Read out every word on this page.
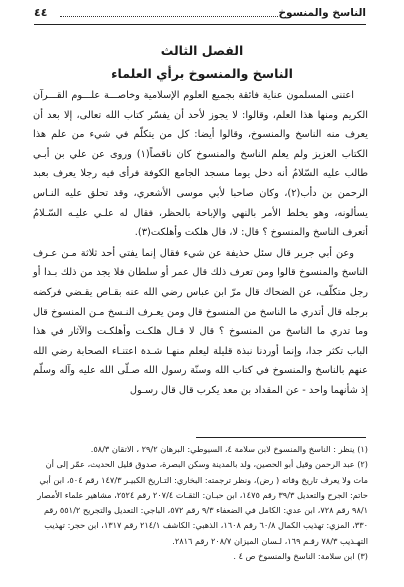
الناسخ والمنسوخ
٤٤
الفصل الثالث
الناسخ والمنسوخ برأي العلماء

اعتنى المسلمون عناية فائقة بجميع العلوم الإسلامية وخاصـــة علـــوم القـــرآن الكريم ومنها هذا العلم، وقالوا: لا يجوز لأحد أن يفسّر كتاب الله تعالى، إلا بعد أن يعرف منه الناسخ والمنسوخ، وقالوا أيضا: كل من يتكلّم في شيء من علم هذا الكتاب العزيز ولم يعلم الناسخ والمنسوخ كان ناقصاً(١) وروى عن علي بن أبـي طالب عليه السّلامُ أنه دخل يوما مسجد الجامع الكوفة فرأى فيه رجلا يعرف بعبد الرحمن بن دأب(٢)، وكان صاحبا لأبي موسى الأشعري، وقد تحلق عليه النـاس يسألونه، وهو يخلط الأمر بالنهي والإباحة بالحظر، فقال له علـي عليـه السّـلامُ أتعرف الناسخ والمنسوخ ؟ قال: لا، قال هلكت وأهلكت(٣).

وعن أبي جرير قال سئل حذيفة عن شيء فقال إنما يفتي أحد ثلاثة مـن عـرف الناسخ والمنسوخ قالوا ومن تعرف ذلك قال عمر أو سلطان فلا يجد من ذلك بـدا أو رجل متكلّف، عن الضحاك قال مرّ ابن عباس رضي الله عنه بقـاص يقـضي فركضه برجله قال أتدري ما الناسخ من المنسوخ قال ومن يعـرف النـسخ مـن المنسوخ قال وما تدري ما الناسخ من المنسوخ ؟ قال لا قـال هلكـت وأهلكـت والآثار في هذا الباب تكثر جدا، وإنما أوردنا نبذة قليلة ليعلم منهـا شـدة اعتنـاء الصحابة رضي الله عنهم بالناسخ والمنسوخ في كتاب الله وسنّة رسول الله صـلّى الله عليه وآله وسلّم إذ شأنهما واحد - عن المقداد بن معد يكرب قال قال رسـول

(١) ينظر : الناسخ والمنسوخ لابن سلامة ٤، السيوطي: البرهان ٢٩/٢ ، الاتقان ٥٨/٣.

(٢) عبد الرحمن وقيل أبو الحصين، ولد بالمدينة وسكن البصرة، صدوق قليل الحديث، عمّر إلى أن مات ولا يعرف تاريخ وفاته ( رض)، ونظر ترجمته: البخاري: التـاريخ الكبيـر ١٤٧/٣ رقم ٥٠٤، ابن أبي حاتم: الجرح والتعديل ٣٩/٣ رقم ١٤٧٥، ابن حبـان: الثقـات ٢٠٧/٤ رقم ٢٥٢٤، مشاهير علماء الأمصار ٩٨/١ رقم ٧٢٨، ابن عدي: الكامل في الضعفاء ٩/٣ رقم ٥٧٢، الباجي: التعديل والتجريح ٥٥١/٢ رقم ٣٣٠، المزي: تهذيب الكمال ٦٠/٨ رقم ١٦٠٨، الذهبي: الكاشف ٢١٤/١ رقم ١٣١٧، ابن حجر: تهذيب التهـذيب ٧٨/٣ رقـم ١٦٩، لـسان الميزان ٢٠٨/٧ رقم ٢٨١٦.

(٣) ابن سلامة: الناسخ والمنسوخ ص ٤ .
